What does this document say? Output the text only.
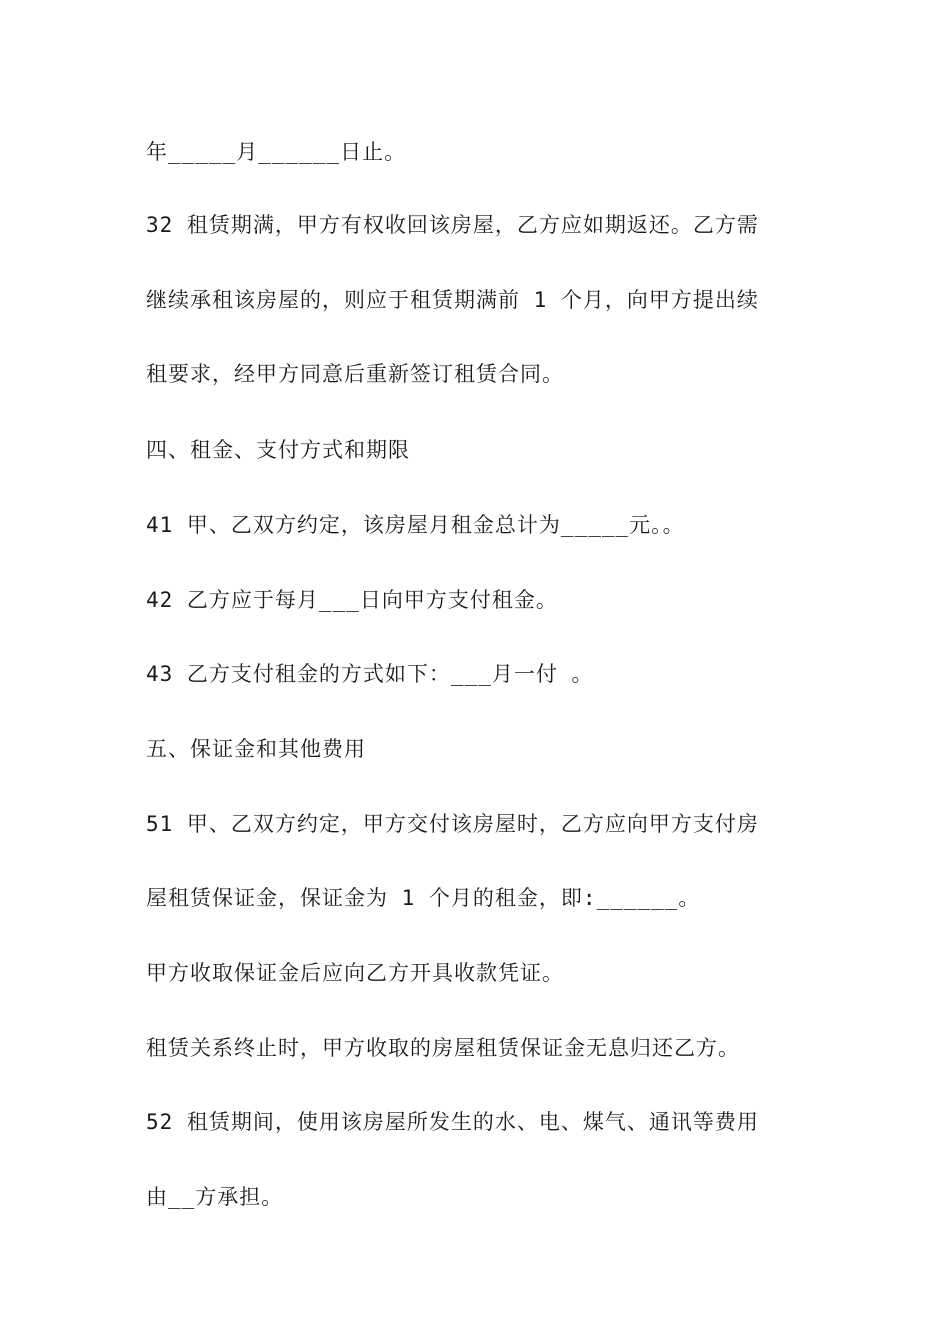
年_____月______日止。
32 租赁期满，甲方有权收回该房屋，乙方应如期返还。乙方需
继续承租该房屋的，则应于租赁期满前 1 个月，向甲方提出续
租要求，经甲方同意后重新签订租赁合同。
四、租金、支付方式和期限
41 甲、乙双方约定，该房屋月租金总计为_____元。。
42 乙方应于每月___日向甲方支付租金。
43 乙方支付租金的方式如下：___月一付 。
五、保证金和其他费用
51 甲、乙双方约定，甲方交付该房屋时，乙方应向甲方支付房
屋租赁保证金，保证金为 1 个月的租金，即:______。
甲方收取保证金后应向乙方开具收款凭证。
租赁关系终止时，甲方收取的房屋租赁保证金无息归还乙方。
52 租赁期间，使用该房屋所发生的水、电、煤气、通讯等费用
由__方承担。
